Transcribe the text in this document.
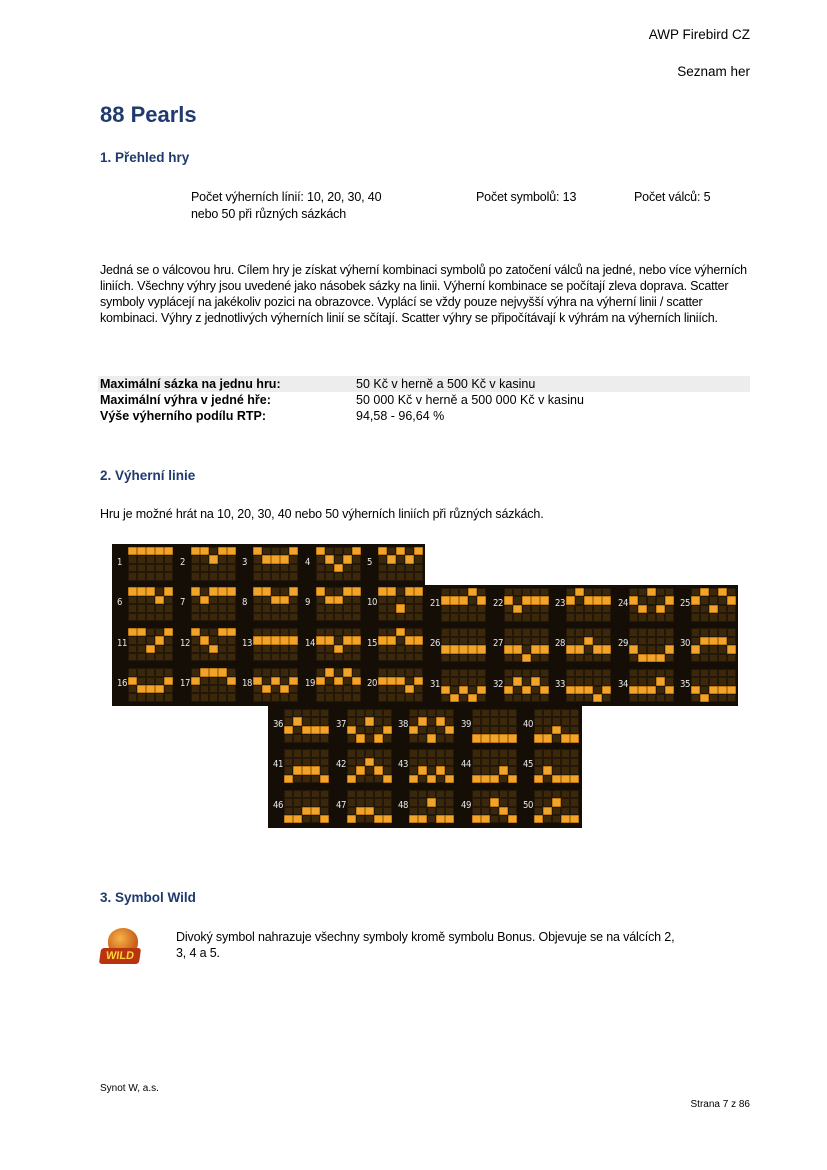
AWP Firebird CZ
Seznam her
88 Pearls
1. Přehled hry
Počet výherních línií: 10, 20, 30, 40
nebo 50 při různých sázkách
Počet symbolů: 13	Počet válců: 5
Jedná se o válcovou hru. Cílem hry je získat výherní kombinaci symbolů po zatočení válců na jedné, nebo více výherních liniích. Všechny výhry jsou uvedené jako násobek sázky na linii. Výherní kombinace se počítají zleva doprava. Scatter symboly vyplácejí na jakékoliv pozici na obrazovce. Vyplácí se vždy pouze nejvyšší výhra na výherní linii / scatter kombinaci. Výhry z jednotlivých výherních linií se sčítají. Scatter výhry se připočítávají k výhrám na výherních liniích.
Maximální sázka na jednu hru:	50 Kč v herně a 500 Kč v kasinu
Maximální výhra v jedné hře:	50 000 Kč v herně a 500 000 Kč v kasinu
Výše výherního podílu RTP:	94,58 - 96,64 %
2. Výherní linie
Hru je možné hrát na 10, 20, 30, 40 nebo 50 výherních liniích při různých sázkách.
1	2	3	4	5
6	7	8	9	10
11	12	13	14	15
16	17	18	19	20
21	22	23	24	25
26	27	28	29	30
31	32	33	34	35
36	37	38	39	40
41	42	43	44	45
46	47	48	49	50
3. Symbol Wild
WILD
Divoký symbol nahrazuje všechny symboly kromě symbolu Bonus. Objevuje se na válcích 2,
3, 4 a 5.
Synot W, a.s.
Strana 7 z 86
